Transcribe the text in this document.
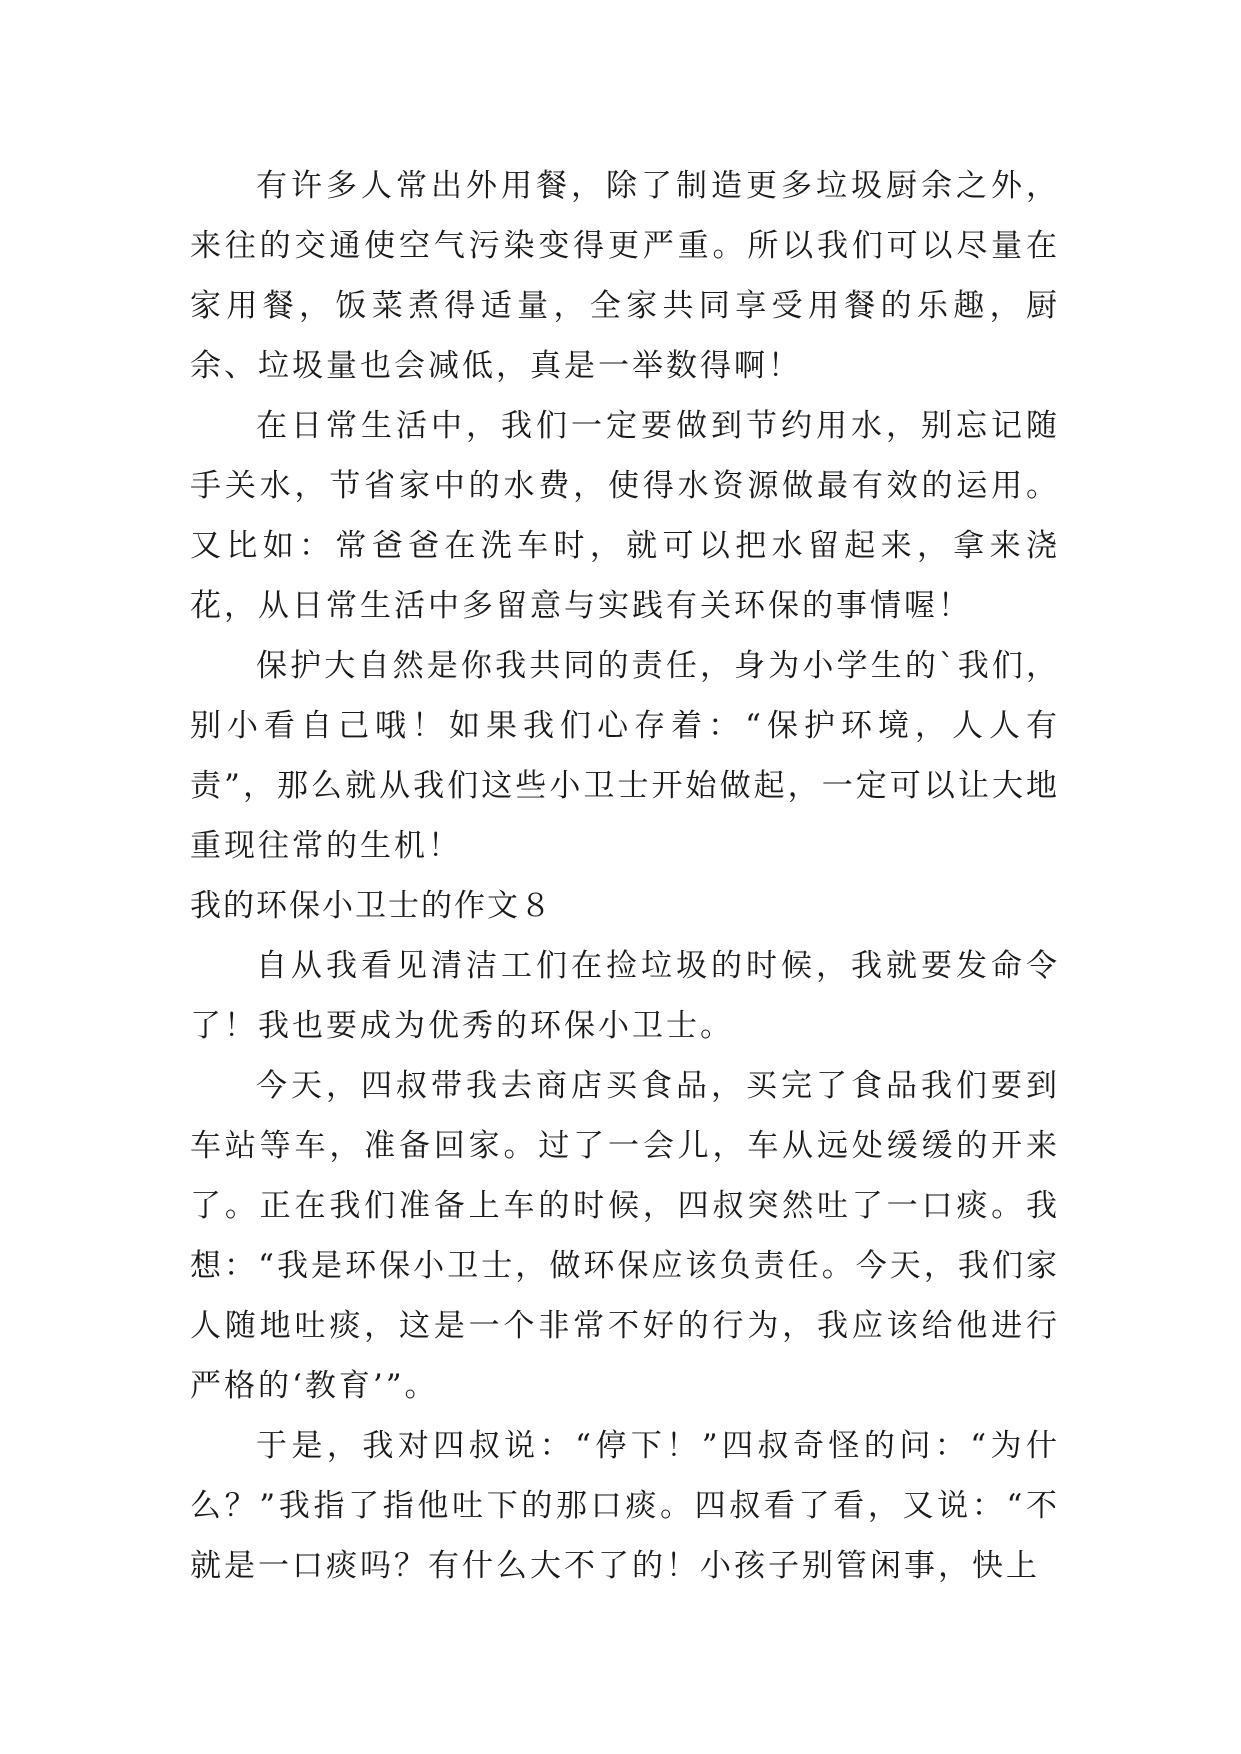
有许多人常出外用餐，除了制造更多垃圾厨余之外，来往的交通使空气污染变得更严重。所以我们可以尽量在家用餐，饭菜煮得适量，全家共同享受用餐的乐趣，厨余、垃圾量也会减低，真是一举数得啊！

在日常生活中，我们一定要做到节约用水，别忘记随手关水，节省家中的水费，使得水资源做最有效的运用。又比如：常爸爸在洗车时，就可以把水留起来，拿来浇花，从日常生活中多留意与实践有关环保的事情喔！

保护大自然是你我共同的责任，身为小学生的`我们，别小看自己哦！如果我们心存着：“保护环境，人人有责”，那么就从我们这些小卫士开始做起，一定可以让大地重现往常的生机！

我的环保小卫士的作文８

自从我看见清洁工们在捡垃圾的时候，我就要发命令了！我也要成为优秀的环保小卫士。

今天，四叔带我去商店买食品，买完了食品我们要到车站等车，准备回家。过了一会儿，车从远处缓缓的开来了。正在我们准备上车的时候，四叔突然吐了一口痰。我想：“我是环保小卫士，做环保应该负责任。今天，我们家人随地吐痰，这是一个非常不好的行为，我应该给他进行严格的‘教育’”。

于是，我对四叔说：“停下！”四叔奇怪的问：“为什么？”我指了指他吐下的那口痰。四叔看了看，又说：“不就是一口痰吗？有什么大不了的！小孩子别管闲事，快上
